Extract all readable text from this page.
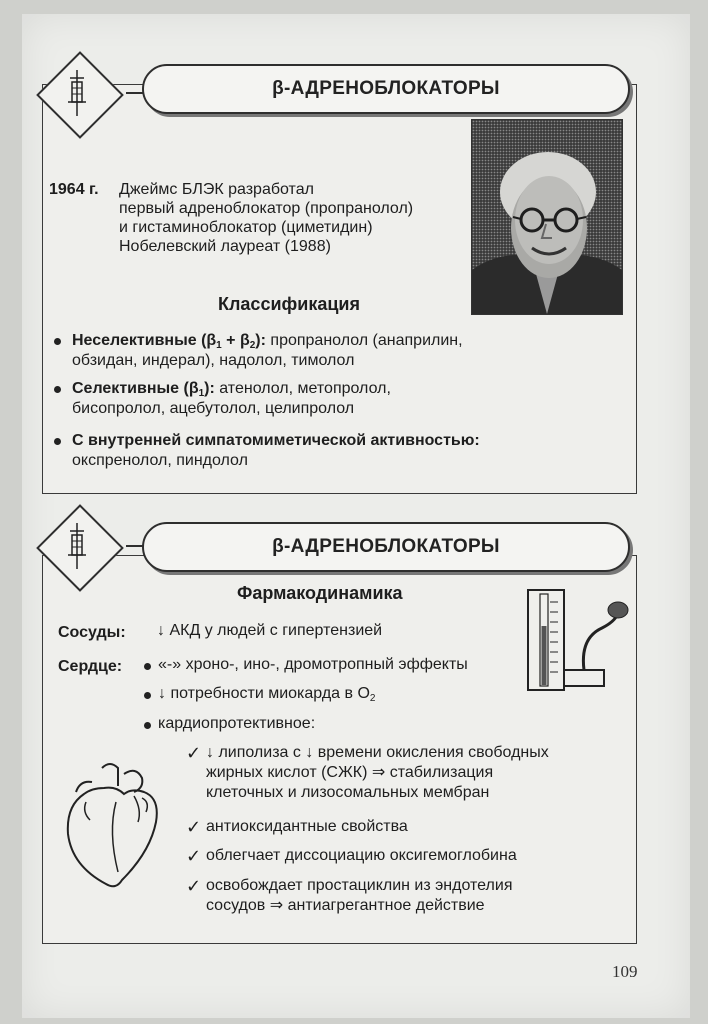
β-АДРЕНОБЛОКАТОРЫ
1964 г. Джеймс БЛЭК разработал
первый адреноблокатор (пропранолол)
и гистаминоблокатор (циметидин)
Нобелевский лауреат (1988)
Классификация
Неселективные $(\beta_1 + \beta_2)$: пропранолол (анаприлин,
обзидан, индерал), надолол, тимолол
Селективные $(\beta_1)$: атенолол, метопролол,
бисопролол, ацебутолол, целипролол
С внутренней симпатомиметической активностью:
окспренолол, пиндолол
β-АДРЕНОБЛОКАТОРЫ
Фармакодинамика
Сосуды: ↓ АКД у людей с гипертензией
Сердце: «-» хроно-, ино-, дромотропный эффекты
↓ потребности миокарда в $O_2$
кардиопротективное:
✓ ↓ липолиза с ↓ времени окисления свободных
жирных кислот (СЖК) ⇒ стабилизация
клеточных и лизосомальных мембран
✓ антиоксидантные свойства
✓ облегчает диссоциацию оксигемоглобина
✓ освобождает простациклин из эндотелия
сосудов ⇒ антиагрегантное действие
109
